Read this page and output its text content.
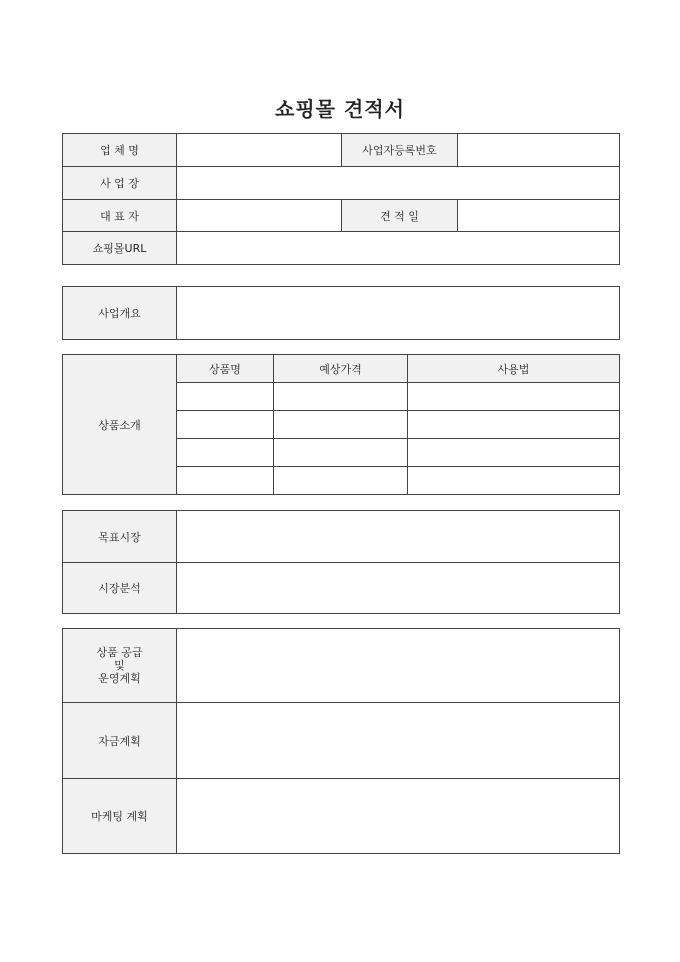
쇼핑몰 견적서
업 체 명		사업자등록번호	
사 업 장			
대 표 자		견 적 일	
쇼핑몰URL			
사업개요	
상품소개	상품명	예상가격	사용법

목표시장	
시장분석	
상품 공급
및
운영계획	

자금계획	
마케팅 계획	
